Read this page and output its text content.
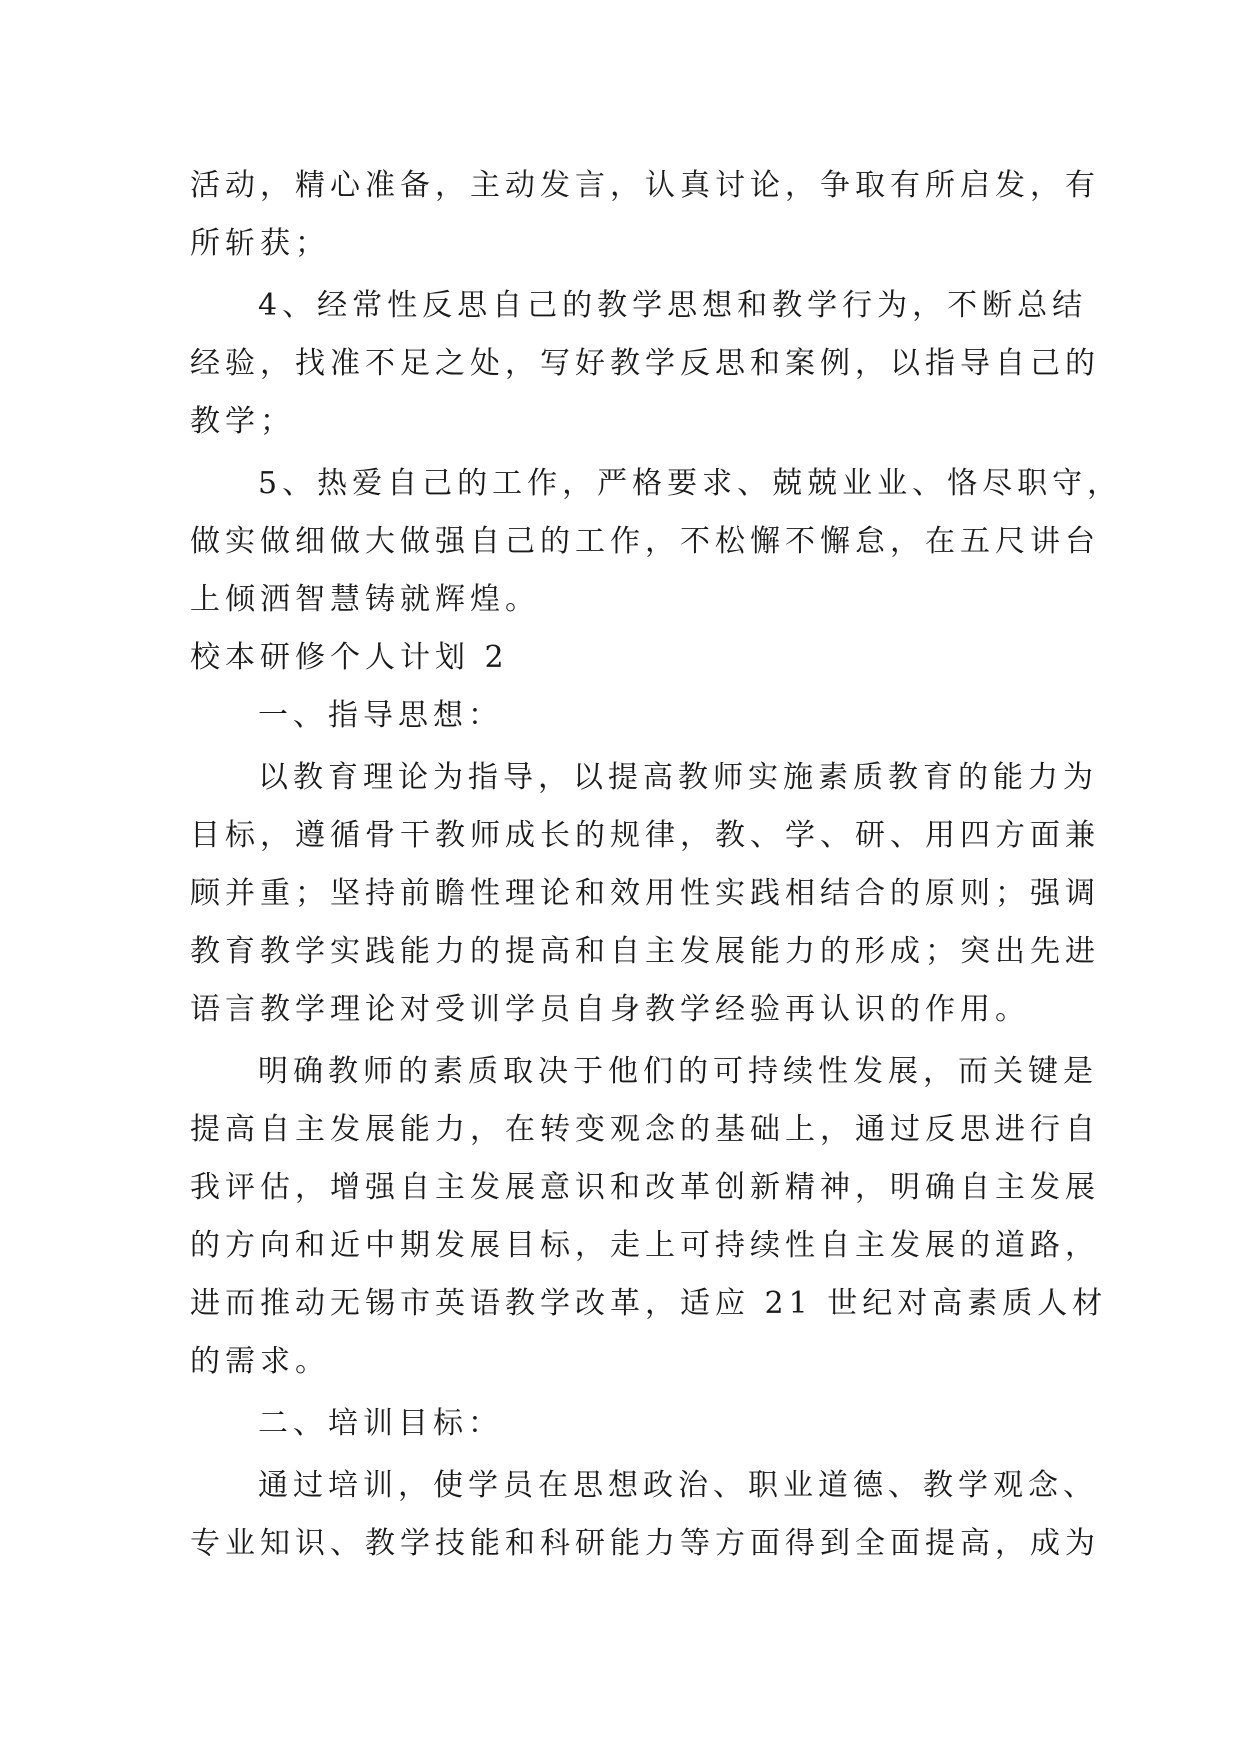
活动，精心准备，主动发言，认真讨论，争取有所启发，有
所斩获；
4、经常性反思自己的教学思想和教学行为，不断总结
经验，找准不足之处，写好教学反思和案例，以指导自己的
教学；
5、热爱自己的工作，严格要求、兢兢业业、恪尽职守，
做实做细做大做强自己的工作，不松懈不懈怠，在五尺讲台
上倾洒智慧铸就辉煌。
校本研修个人计划 2
一、指导思想：
以教育理论为指导，以提高教师实施素质教育的能力为
目标，遵循骨干教师成长的规律，教、学、研、用四方面兼
顾并重；坚持前瞻性理论和效用性实践相结合的原则；强调
教育教学实践能力的提高和自主发展能力的形成；突出先进
语言教学理论对受训学员自身教学经验再认识的作用。
明确教师的素质取决于他们的可持续性发展，而关键是
提高自主发展能力，在转变观念的基础上，通过反思进行自
我评估，增强自主发展意识和改革创新精神，明确自主发展
的方向和近中期发展目标，走上可持续性自主发展的道路，
进而推动无锡市英语教学改革，适应 21 世纪对高素质人材
的需求。
二、培训目标：
通过培训，使学员在思想政治、职业道德、教学观念、
专业知识、教学技能和科研能力等方面得到全面提高，成为
